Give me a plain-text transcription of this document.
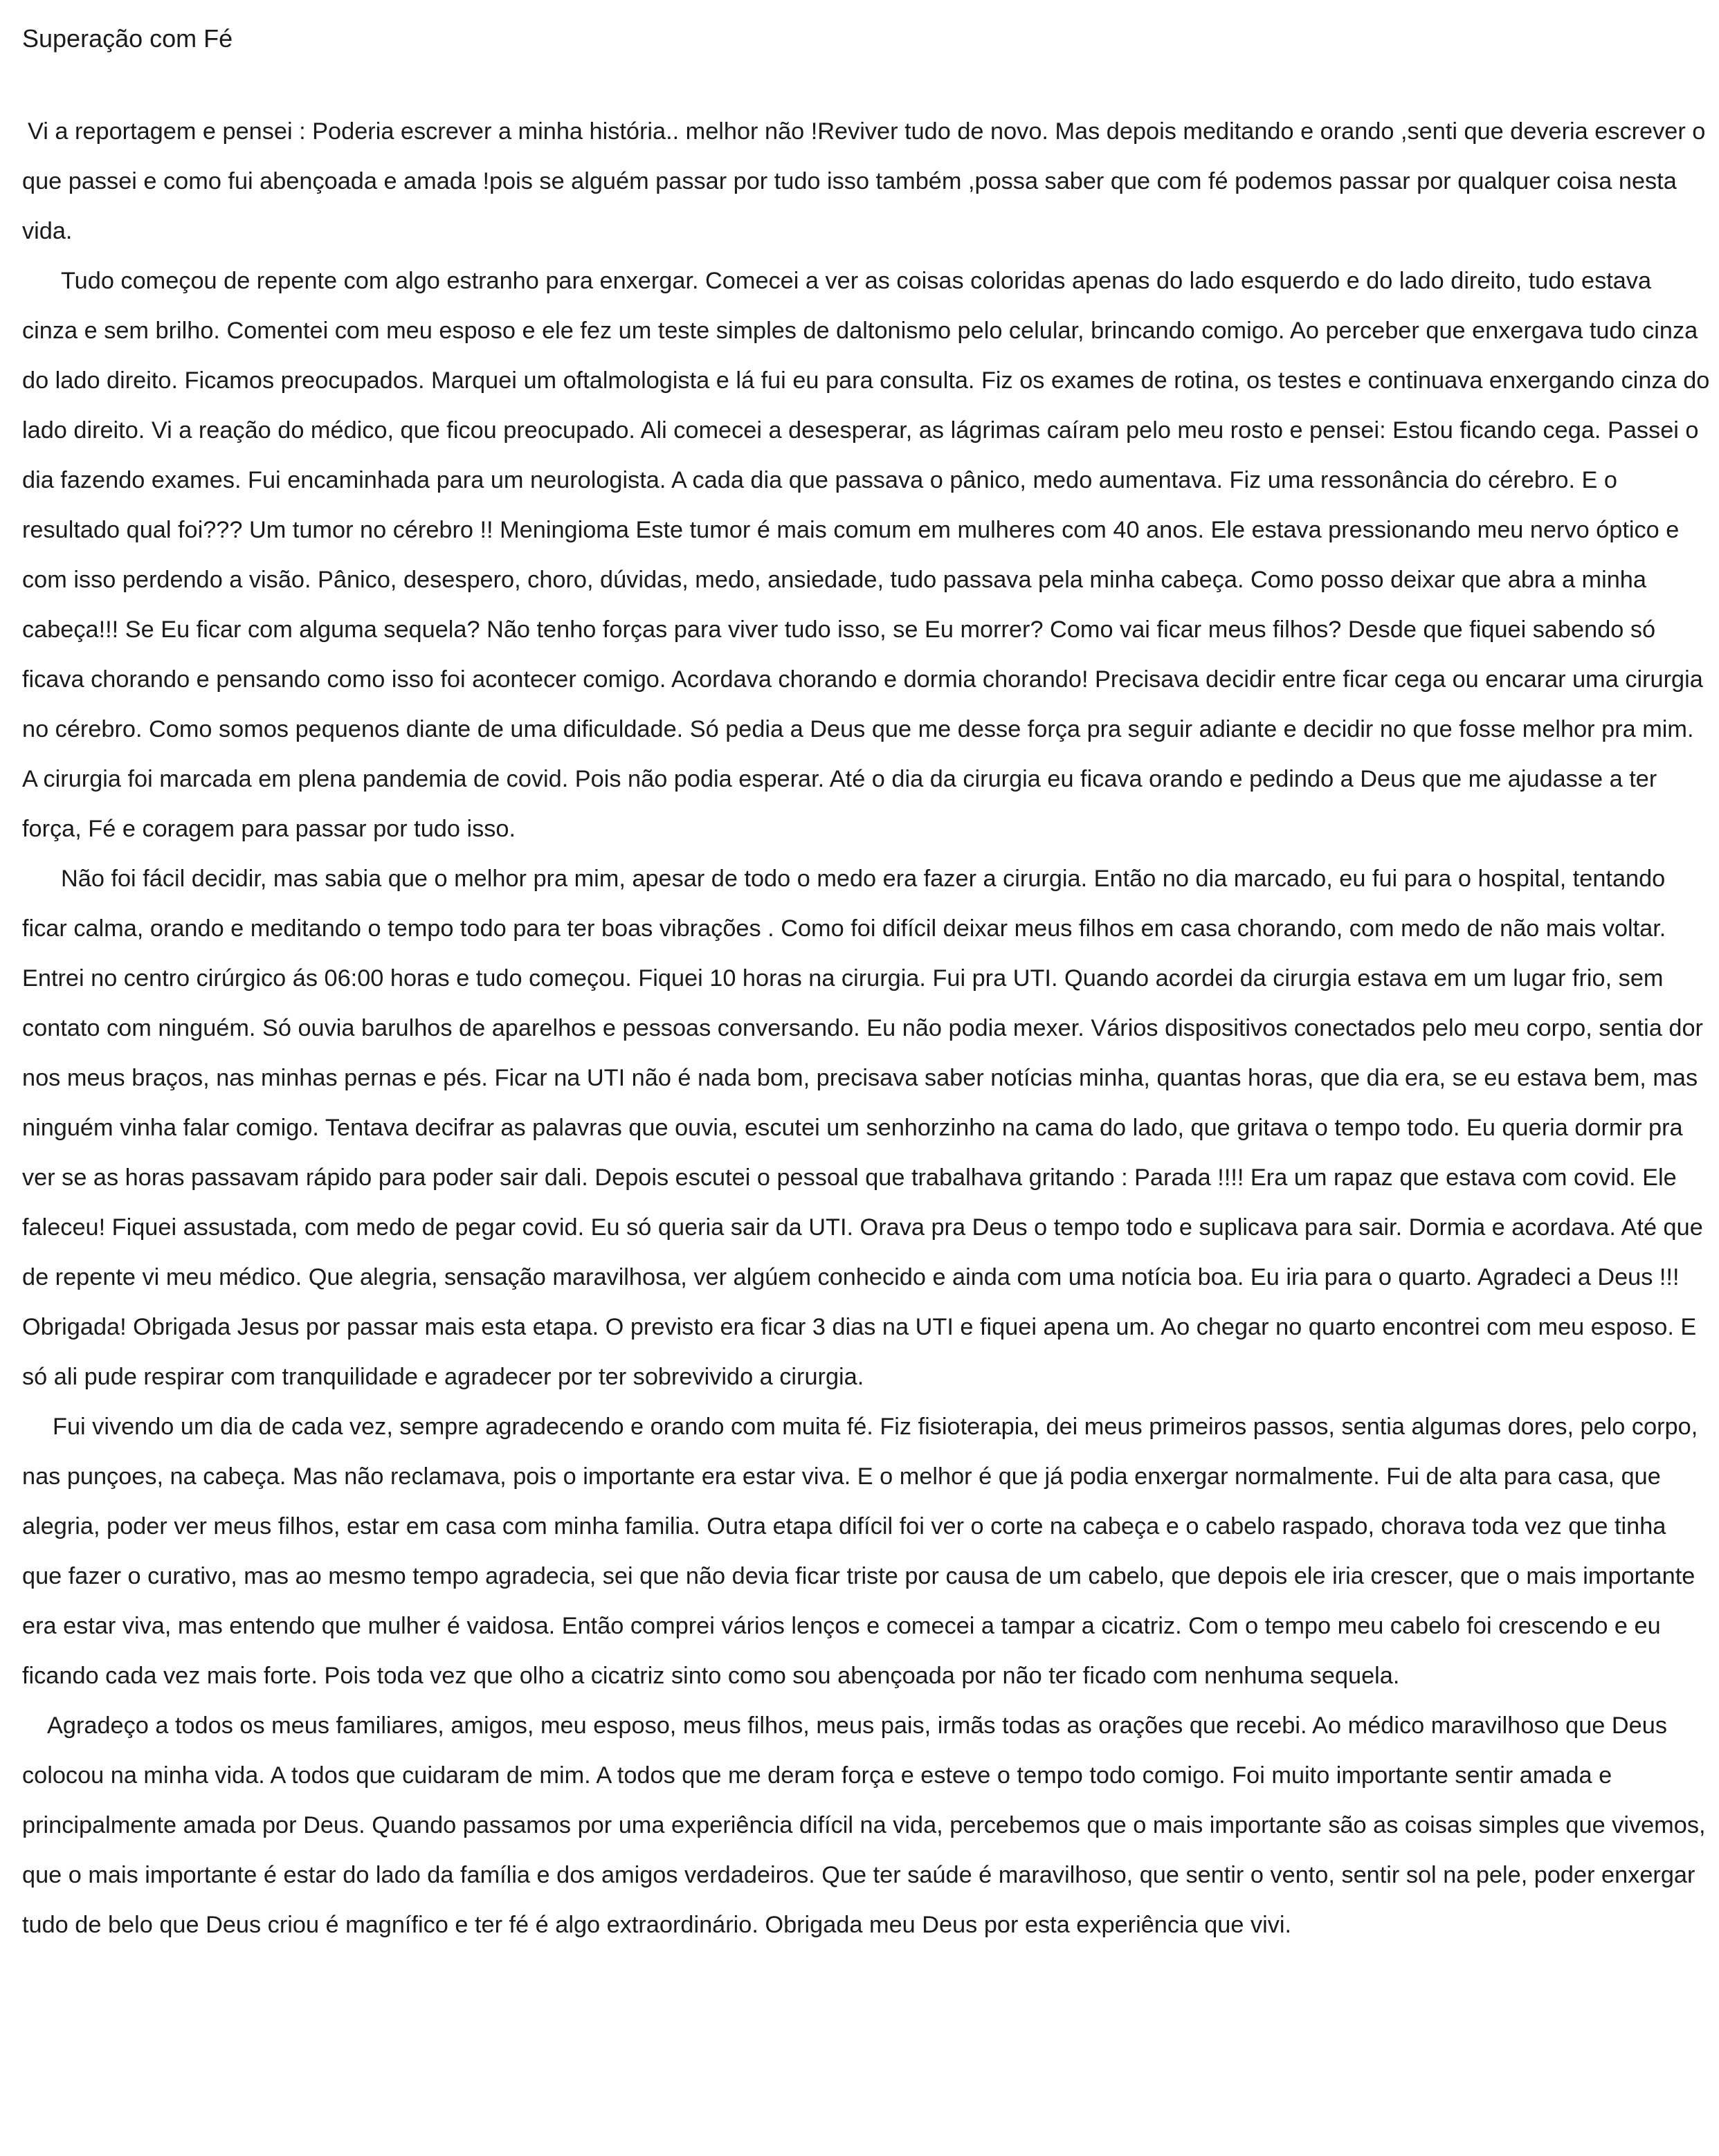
Superação com Fé

Vi a reportagem e pensei : Poderia escrever a minha história.. melhor não !Reviver tudo de novo. Mas depois meditando e orando ,senti que deveria escrever o que passei e como fui abençoada e amada !pois se alguém passar por tudo isso também ,possa saber que com fé podemos passar por qualquer coisa nesta vida.

Tudo começou de repente com algo estranho para enxergar. Comecei a ver as coisas coloridas apenas do lado esquerdo e do lado direito, tudo estava cinza e sem brilho. Comentei com meu esposo e ele fez um teste simples de daltonismo pelo celular, brincando comigo. Ao perceber que enxergava tudo cinza do lado direito. Ficamos preocupados. Marquei um oftalmologista e lá fui eu para consulta. Fiz os exames de rotina, os testes e continuava enxergando cinza do lado direito. Vi a reação do médico, que ficou preocupado. Ali comecei a desesperar, as lágrimas caíram pelo meu rosto e pensei: Estou ficando cega. Passei o dia fazendo exames. Fui encaminhada para um neurologista. A cada dia que passava o pânico, medo aumentava. Fiz uma ressonância do cérebro. E o resultado qual foi??? Um tumor no cérebro !! Meningioma Este tumor é mais comum em mulheres com 40 anos. Ele estava pressionando meu nervo óptico e com isso perdendo a visão. Pânico, desespero, choro, dúvidas, medo, ansiedade, tudo passava pela minha cabeça. Como posso deixar que abra a minha cabeça!!! Se Eu ficar com alguma sequela? Não tenho forças para viver tudo isso, se Eu morrer? Como vai ficar meus filhos? Desde que fiquei sabendo só ficava chorando e pensando como isso foi acontecer comigo. Acordava chorando e dormia chorando! Precisava decidir entre ficar cega ou encarar uma cirurgia no cérebro. Como somos pequenos diante de uma dificuldade. Só pedia a Deus que me desse força pra seguir adiante e decidir no que fosse melhor pra mim. A cirurgia foi marcada em plena pandemia de covid. Pois não podia esperar. Até o dia da cirurgia eu ficava orando e pedindo a Deus que me ajudasse a ter força, Fé e coragem para passar por tudo isso.

Não foi fácil decidir, mas sabia que o melhor pra mim, apesar de todo o medo era fazer a cirurgia. Então no dia marcado, eu fui para o hospital, tentando ficar calma, orando e meditando o tempo todo para ter boas vibrações . Como foi difícil deixar meus filhos em casa chorando, com medo de não mais voltar. Entrei no centro cirúrgico ás 06:00 horas e tudo começou. Fiquei 10 horas na cirurgia. Fui pra UTI. Quando acordei da cirurgia estava em um lugar frio, sem contato com ninguém. Só ouvia barulhos de aparelhos e pessoas conversando. Eu não podia mexer. Vários dispositivos conectados pelo meu corpo, sentia dor nos meus braços, nas minhas pernas e pés. Ficar na UTI não é nada bom, precisava saber notícias minha, quantas horas, que dia era, se eu estava bem, mas ninguém vinha falar comigo. Tentava decifrar as palavras que ouvia, escutei um senhorzinho na cama do lado, que gritava o tempo todo. Eu queria dormir pra ver se as horas passavam rápido para poder sair dali. Depois escutei o pessoal que trabalhava gritando : Parada !!!! Era um rapaz que estava com covid. Ele faleceu! Fiquei assustada, com medo de pegar covid. Eu só queria sair da UTI. Orava pra Deus o tempo todo e suplicava para sair. Dormia e acordava. Até que de repente vi meu médico. Que alegria, sensação maravilhosa, ver algúem conhecido e ainda com uma notícia boa. Eu iria para o quarto. Agradeci a Deus !!! Obrigada! Obrigada Jesus por passar mais esta etapa. O previsto era ficar 3 dias na UTI e fiquei apena um. Ao chegar no quarto encontrei com meu esposo. E só ali pude respirar com tranquilidade e agradecer por ter sobrevivido a cirurgia.

Fui vivendo um dia de cada vez, sempre agradecendo e orando com muita fé. Fiz fisioterapia, dei meus primeiros passos, sentia algumas dores, pelo corpo, nas punçoes, na cabeça. Mas não reclamava, pois o importante era estar viva. E o melhor é que já podia enxergar normalmente. Fui de alta para casa, que alegria, poder ver meus filhos, estar em casa com minha familia. Outra etapa difícil foi ver o corte na cabeça e o cabelo raspado, chorava toda vez que tinha que fazer o curativo, mas ao mesmo tempo agradecia, sei que não devia ficar triste por causa de um cabelo, que depois ele iria crescer, que o mais importante era estar viva, mas entendo que mulher é vaidosa. Então comprei vários lenços e comecei a tampar a cicatriz. Com o tempo meu cabelo foi crescendo e eu ficando cada vez mais forte. Pois toda vez que olho a cicatriz sinto como sou abençoada por não ter ficado com nenhuma sequela.

Agradeço a todos os meus familiares, amigos, meu esposo, meus filhos, meus pais, irmãs todas as orações que recebi. Ao médico maravilhoso que Deus colocou na minha vida. A todos que cuidaram de mim. A todos que me deram força e esteve o tempo todo comigo. Foi muito importante sentir amada e principalmente amada por Deus. Quando passamos por uma experiência difícil na vida, percebemos que o mais importante são as coisas simples que vivemos, que o mais importante é estar do lado da família e dos amigos verdadeiros. Que ter saúde é maravilhoso, que sentir o vento, sentir sol na pele, poder enxergar tudo de belo que Deus criou é magnífico e ter fé é algo extraordinário. Obrigada meu Deus por esta experiência que vivi.
